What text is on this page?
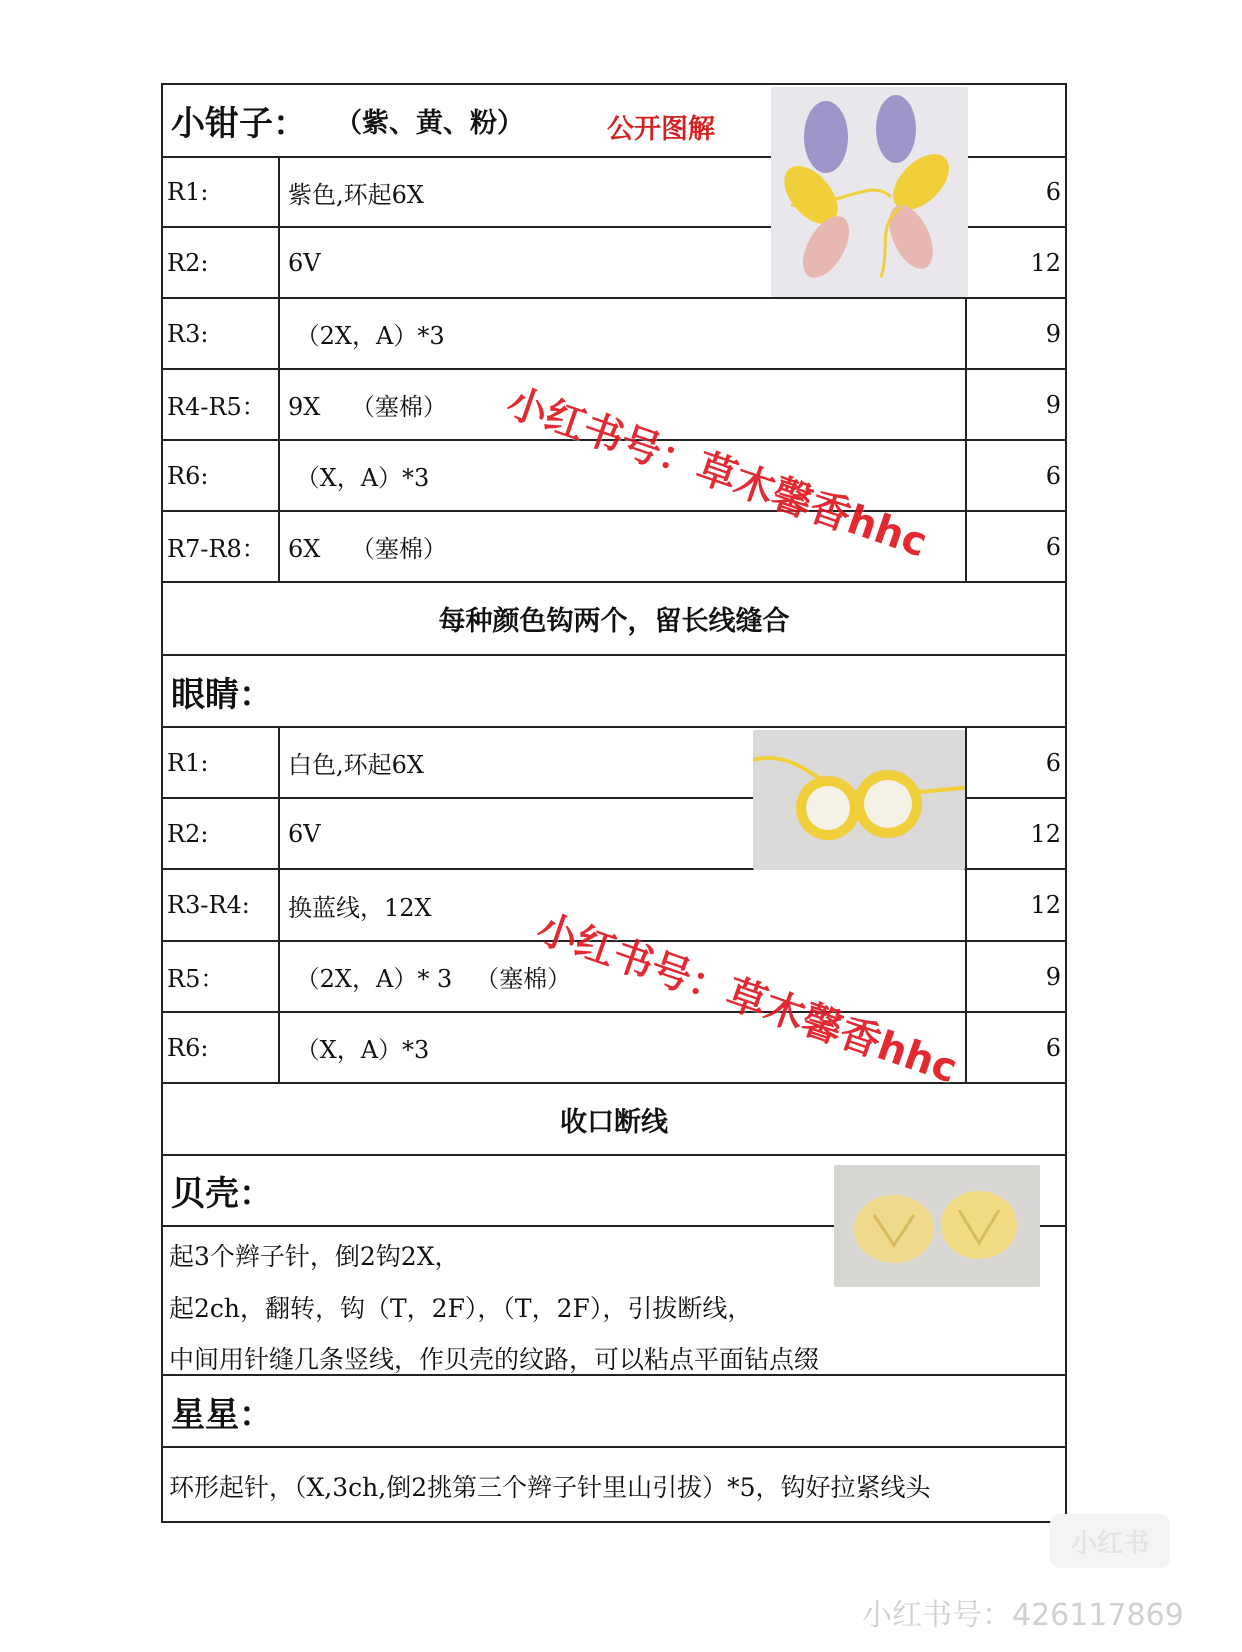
小钳子： （紫、黄、粉）	公开图解
R1:	紫色,环起6X	6
R2:	6V	12
R3:	（2X，A）*3	9
R4-R5： 9X    （塞棉）	9
R6:	（X，A）*3	6
R7-R8： 6X    （塞棉）	6
每种颜色钩两个，留长线缝合
眼睛：
R1:	白色,环起6X	6
R2:	6V	12
R3-R4:	换蓝线，12X	12
R5：	（2X，A）* 3   （塞棉）	9
R6:	（X，A）*3	6
收口断线
贝壳：
起3个辫子针，倒2钩2X，
起2ch，翻转，钩（T，2F），（T，2F），引拔断线，
中间用针缝几条竖线，作贝壳的纹路，可以粘点平面钻点缀
星星：
环形起针，（X,3ch,倒2挑第三个辫子针里山引拔）*5，钩好拉紧线头
小红书号：草木馨香hhc
小红书号：草木馨香hhc
小红书
小红书号：426117869
